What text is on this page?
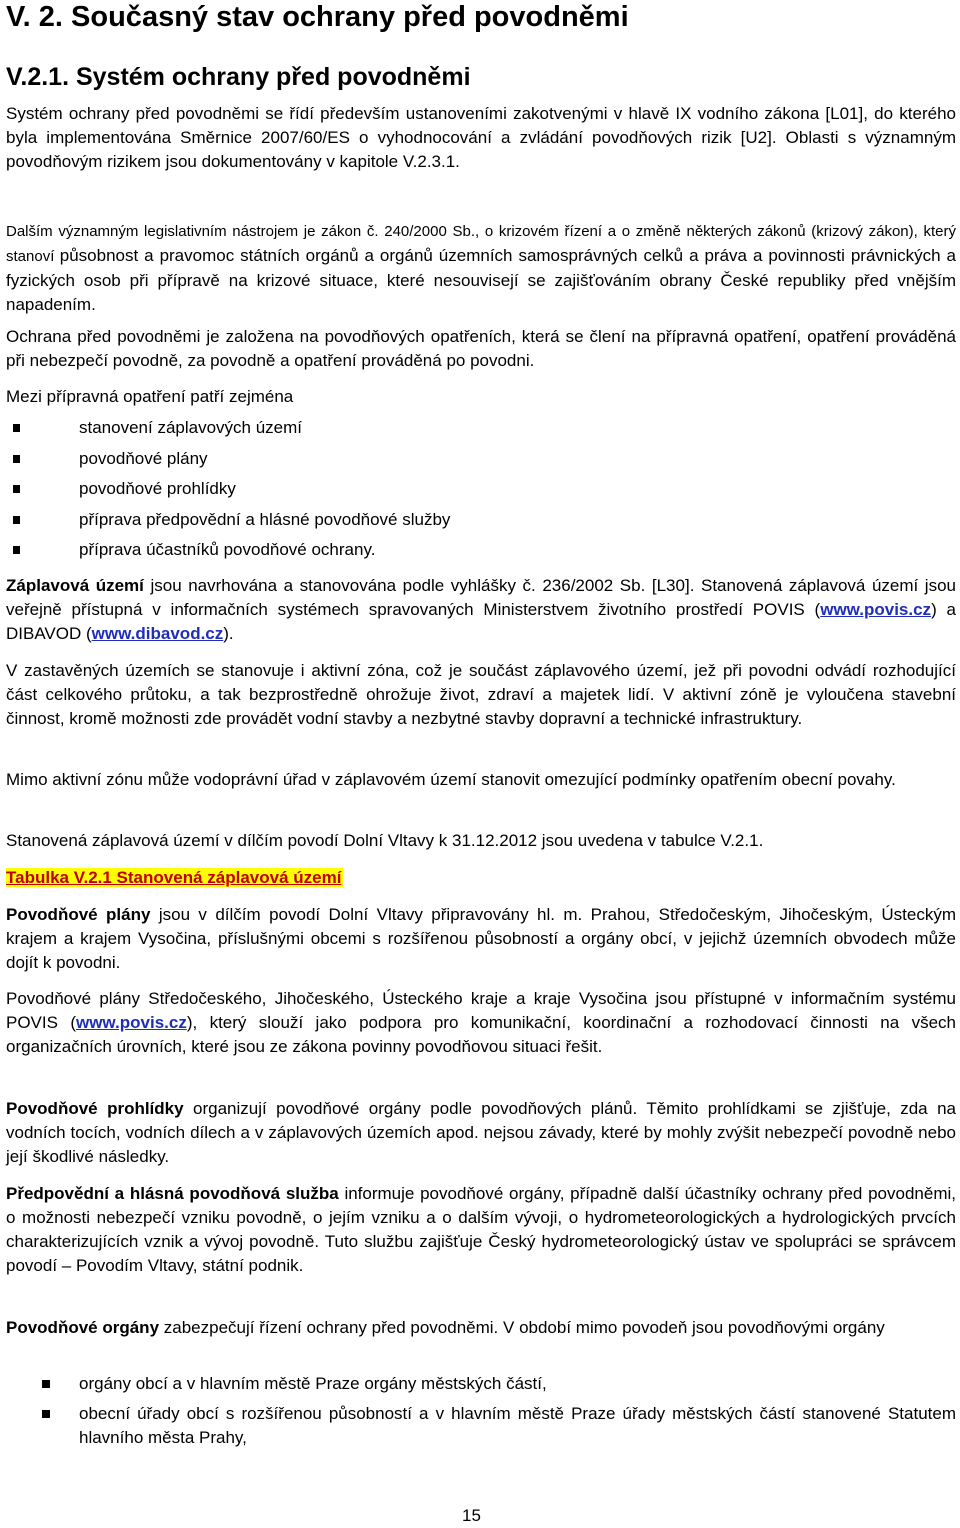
V. 2. Současný stav ochrany před povodněmi
V.2.1. Systém ochrany před povodněmi

Systém ochrany před povodněmi se řídí především ustanoveními zakotvenými v hlavě IX vodního zákona [L01], do kterého byla implementována Směrnice 2007/60/ES o vyhodnocování a zvládání povodňových rizik [U2]. Oblasti s významným povodňovým rizikem jsou dokumentovány v kapitole V.2.3.1.

Dalším významným legislativním nástrojem je zákon č. 240/2000 Sb., o krizovém řízení a o změně některých zákonů (krizový zákon), který stanoví působnost a pravomoc státních orgánů a orgánů územních samosprávných celků a práva a povinnosti právnických a fyzických osob při přípravě na krizové situace, které nesouvisejí se zajišťováním obrany České republiky před vnějším napadením.

Ochrana před povodněmi je založena na povodňových opatřeních, která se člení na přípravná opatření, opatření prováděná při nebezpečí povodně, za povodně a opatření prováděná po povodni.

Mezi přípravná opatření patří zejména

stanovení záplavových území
povodňové plány
povodňové prohlídky
příprava předpovědní a hlásné povodňové služby
příprava účastníků povodňové ochrany.

Záplavová území jsou navrhována a stanovována podle vyhlášky č. 236/2002 Sb. [L30]. Stanovená záplavová území jsou veřejně přístupná v informačních systémech spravovaných Ministerstvem životního prostředí POVIS (www.povis.cz) a DIBAVOD (www.dibavod.cz).

V zastavěných územích se stanovuje i aktivní zóna, což je součást záplavového území, jež při povodni odvádí rozhodující část celkového průtoku, a tak bezprostředně ohrožuje život, zdraví a majetek lidí. V aktivní zóně je vyloučena stavební činnost, kromě možnosti zde provádět vodní stavby a nezbytné stavby dopravní a technické infrastruktury.

Mimo aktivní zónu může vodoprávní úřad v záplavovém území stanovit omezující podmínky opatřením obecní povahy.

Stanovená záplavová území v dílčím povodí Dolní Vltavy k 31.12.2012 jsou uvedena v tabulce V.2.1.

Tabulka V.2.1 Stanovená záplavová území

Povodňové plány jsou v dílčím povodí Dolní Vltavy připravovány hl. m. Prahou, Středočeským, Jihočeským, Ústeckým krajem a krajem Vysočina, příslušnými obcemi s rozšířenou působností a orgány obcí, v jejichž územních obvodech může dojít k povodni.

Povodňové plány Středočeského, Jihočeského, Ústeckého kraje a kraje Vysočina jsou přístupné v informačním systému POVIS (www.povis.cz), který slouží jako podpora pro komunikační, koordinační a rozhodovací činnosti na všech organizačních úrovních, které jsou ze zákona povinny povodňovou situaci řešit.

Povodňové prohlídky organizují povodňové orgány podle povodňových plánů. Těmito prohlídkami se zjišťuje, zda na vodních tocích, vodních dílech a v záplavových územích apod. nejsou závady, které by mohly zvýšit nebezpečí povodně nebo její škodlivé následky.

Předpovědní a hlásná povodňová služba informuje povodňové orgány, případně další účastníky ochrany před povodněmi, o možnosti nebezpečí vzniku povodně, o jejím vzniku a o dalším vývoji, o hydrometeorologických a hydrologických prvcích charakterizujících vznik a vývoj povodně. Tuto službu zajišťuje Český hydrometeorologický ústav ve spolupráci se správcem povodí – Povodím Vltavy, státní podnik.

Povodňové orgány zabezpečují řízení ochrany před povodněmi. V období mimo povodeň jsou povodňovými orgány

orgány obcí a v hlavním městě Praze orgány městských částí,
obecní úřady obcí s rozšířenou působností a v hlavním městě Praze úřady městských částí stanovené Statutem hlavního města Prahy,
15
